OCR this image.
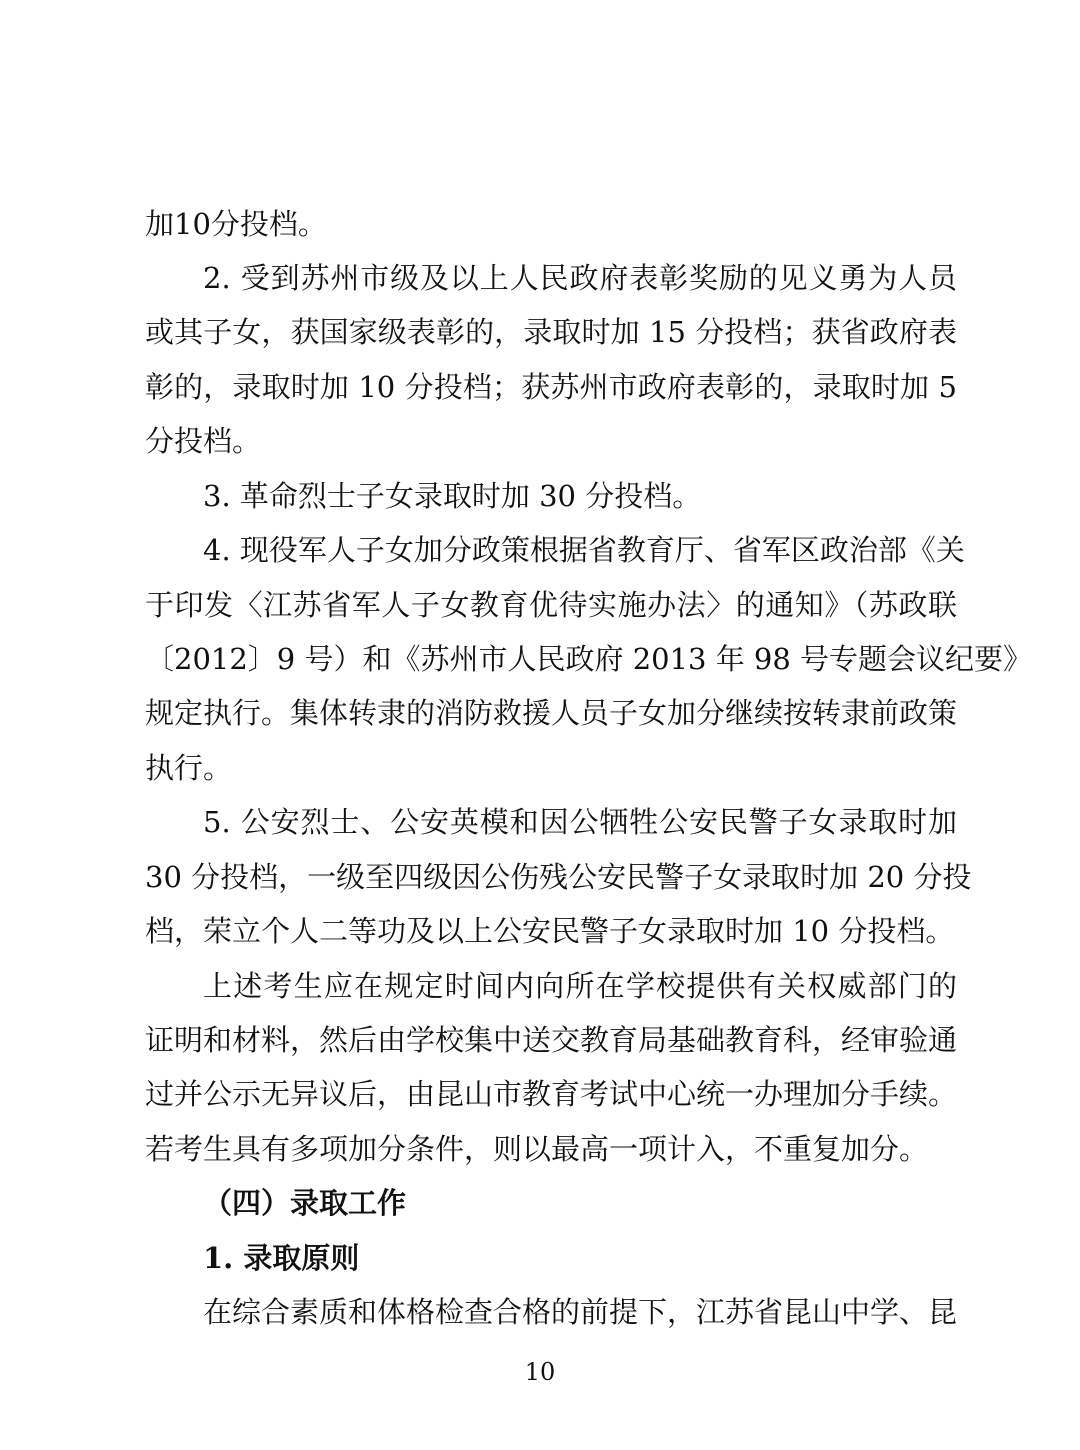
加10分投档。
2. 受到苏州市级及以上人民政府表彰奖励的见义勇为人员
或其子女，获国家级表彰的，录取时加 15 分投档；获省政府表
彰的，录取时加 10 分投档；获苏州市政府表彰的，录取时加 5
分投档。
3. 革命烈士子女录取时加 30 分投档。
4. 现役军人子女加分政策根据省教育厅、省军区政治部《关
于印发〈江苏省军人子女教育优待实施办法〉的通知》（苏政联
〔2012〕9 号）和《苏州市人民政府 2013 年 98 号专题会议纪要》
规定执行。集体转隶的消防救援人员子女加分继续按转隶前政策
执行。
5. 公安烈士、公安英模和因公牺牲公安民警子女录取时加
30 分投档，一级至四级因公伤残公安民警子女录取时加 20 分投
档，荣立个人二等功及以上公安民警子女录取时加 10 分投档。
上述考生应在规定时间内向所在学校提供有关权威部门的
证明和材料，然后由学校集中送交教育局基础教育科，经审验通
过并公示无异议后，由昆山市教育考试中心统一办理加分手续。
若考生具有多项加分条件，则以最高一项计入，不重复加分。
（四）录取工作
1. 录取原则
在综合素质和体格检查合格的前提下，江苏省昆山中学、昆
10
